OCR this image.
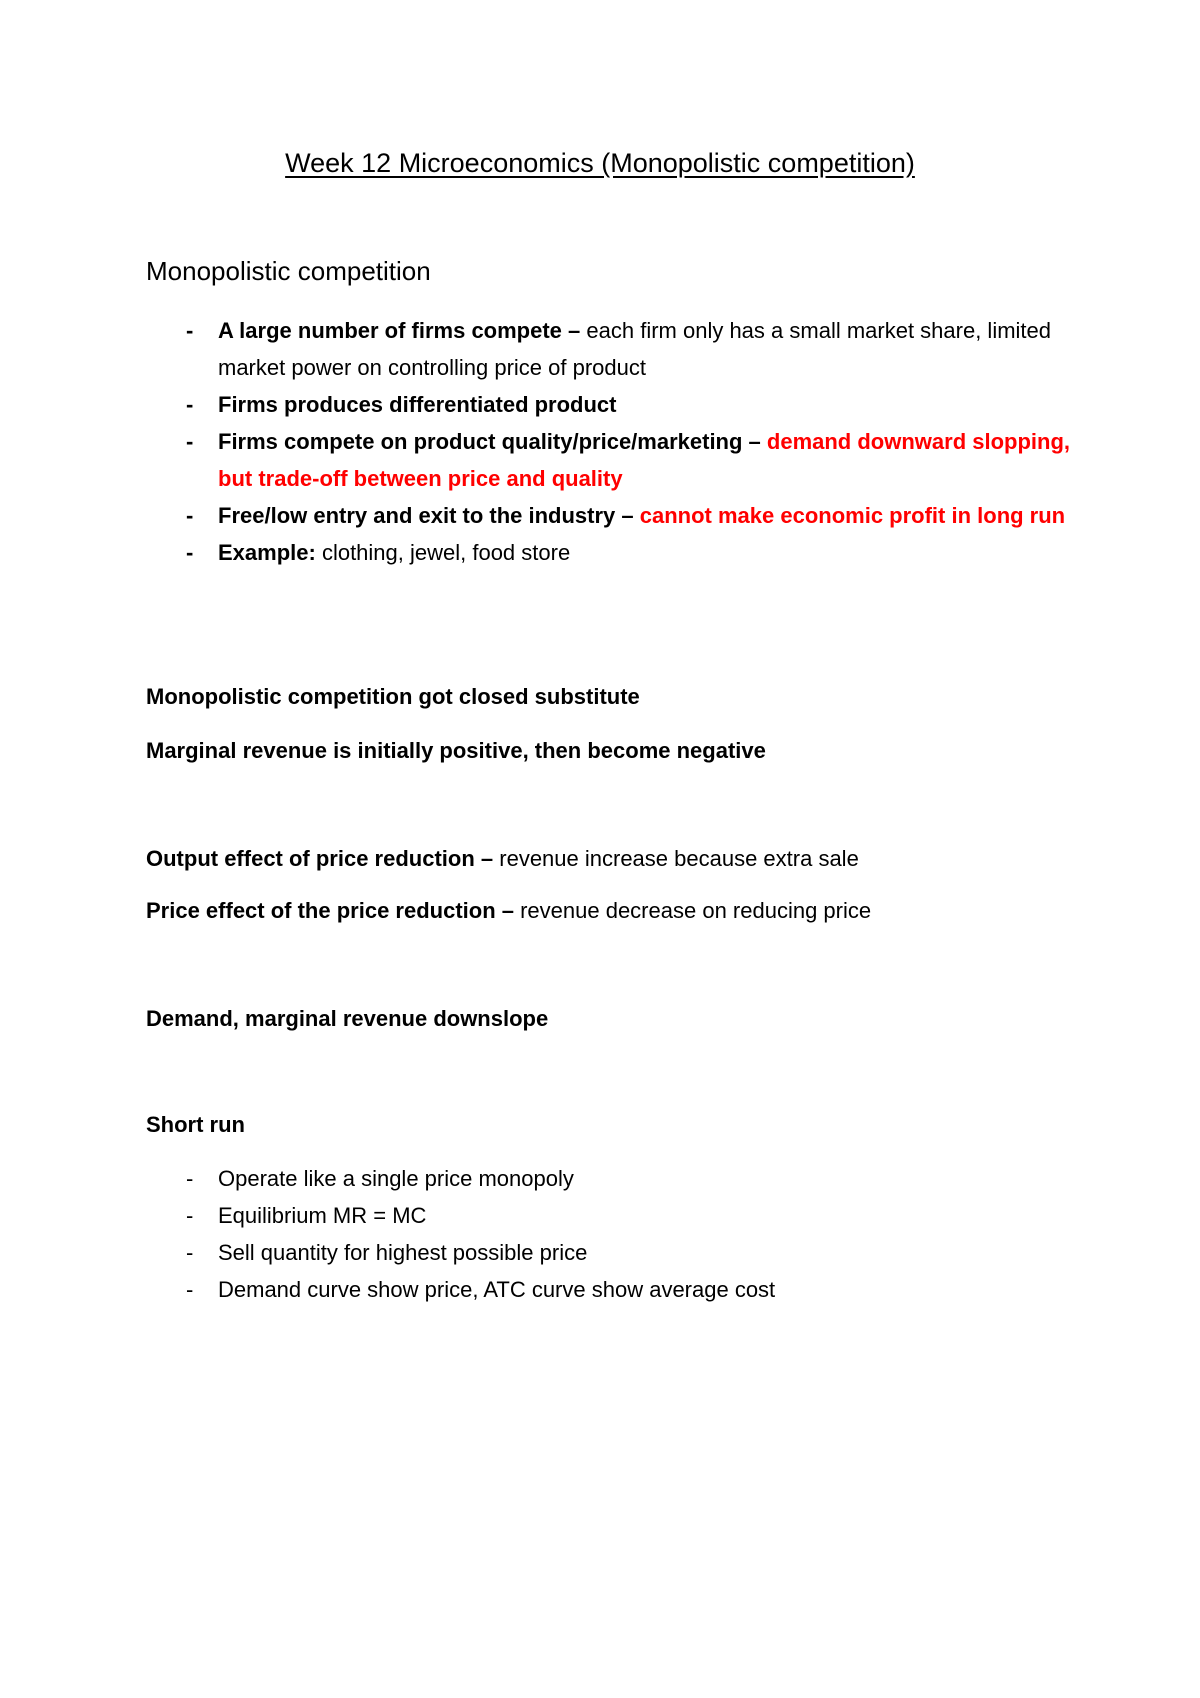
Week 12 Microeconomics (Monopolistic competition)
Monopolistic competition
- A large number of firms compete – each firm only has a small market share, limited market power on controlling price of product
- Firms produces differentiated product
- Firms compete on product quality/price/marketing – demand downward slopping, but trade-off between price and quality
- Free/low entry and exit to the industry – cannot make economic profit in long run
- Example: clothing, jewel, food store

Monopolistic competition got closed substitute

Marginal revenue is initially positive, then become negative

Output effect of price reduction – revenue increase because extra sale

Price effect of the price reduction – revenue decrease on reducing price

Demand, marginal revenue downslope

Short run
- Operate like a single price monopoly
- Equilibrium MR = MC
- Sell quantity for highest possible price
- Demand curve show price, ATC curve show average cost
